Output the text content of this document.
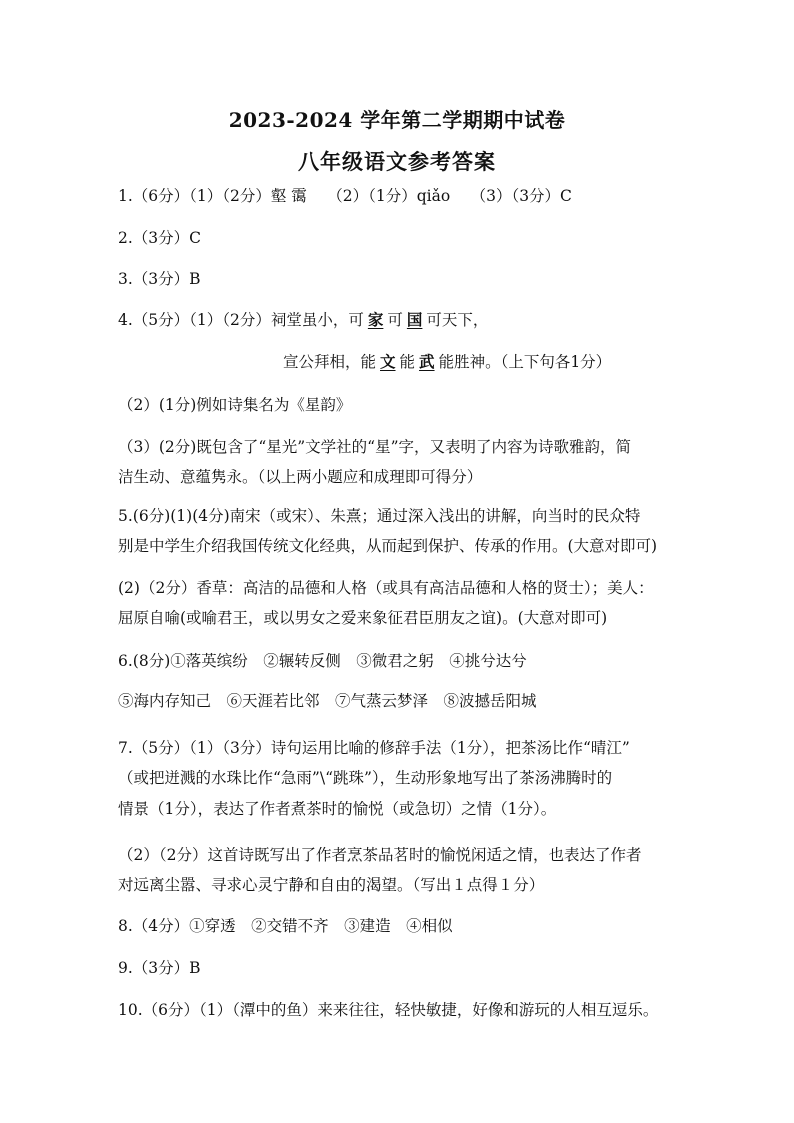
2023-2024 学年第二学期期中试卷
八年级语文参考答案
1.（6分）（1）（2分）壑 霭　 （2）（1分）qiǎo　 （3）（3分）C
2.（3分）C
3.（3分）B
4.（5分）（1）（2分）祠堂虽小，可 家 可 国 可天下，
宣公拜相，能 文 能 武 能胜神。（上下句各1分）
（2）(1分)例如诗集名为《星韵》
（3）(2分)既包含了“星光”文学社的“星”字，又表明了内容为诗歌雅韵，简
洁生动、意蕴隽永。（以上两小题应和成理即可得分）
5.(6分)(1)(4分)南宋（或宋）、朱熹；通过深入浅出的讲解，向当时的民众特
别是中学生介绍我国传统文化经典，从而起到保护、传承的作用。(大意对即可)
(2)（2分）香草：高洁的品德和人格（或具有高洁品德和人格的贤士）；美人：
屈原自喻(或喻君王，或以男女之爱来象征君臣朋友之谊)。(大意对即可)
6.(8分)①落英缤纷　②辗转反侧　③微君之躬　④挑兮达兮
⑤海内存知己　⑥天涯若比邻　⑦气蒸云梦泽　⑧波撼岳阳城
7.（5分）（1）（3分）诗句运用比喻的修辞手法（1分），把茶汤比作“晴江”
（或把迸溅的水珠比作“急雨”\“跳珠”），生动形象地写出了茶汤沸腾时的
情景（1分），表达了作者煮茶时的愉悦（或急切）之情（1分）。
（2）（2分）这首诗既写出了作者烹茶品茗时的愉悦闲适之情，也表达了作者
对远离尘嚣、寻求心灵宁静和自由的渴望。（写出１点得１分）
8.（4分）①穿透　②交错不齐　③建造　④相似
9.（3分）B
10.（6分）（1）（潭中的鱼）来来往往，轻快敏捷，好像和游玩的人相互逗乐。
